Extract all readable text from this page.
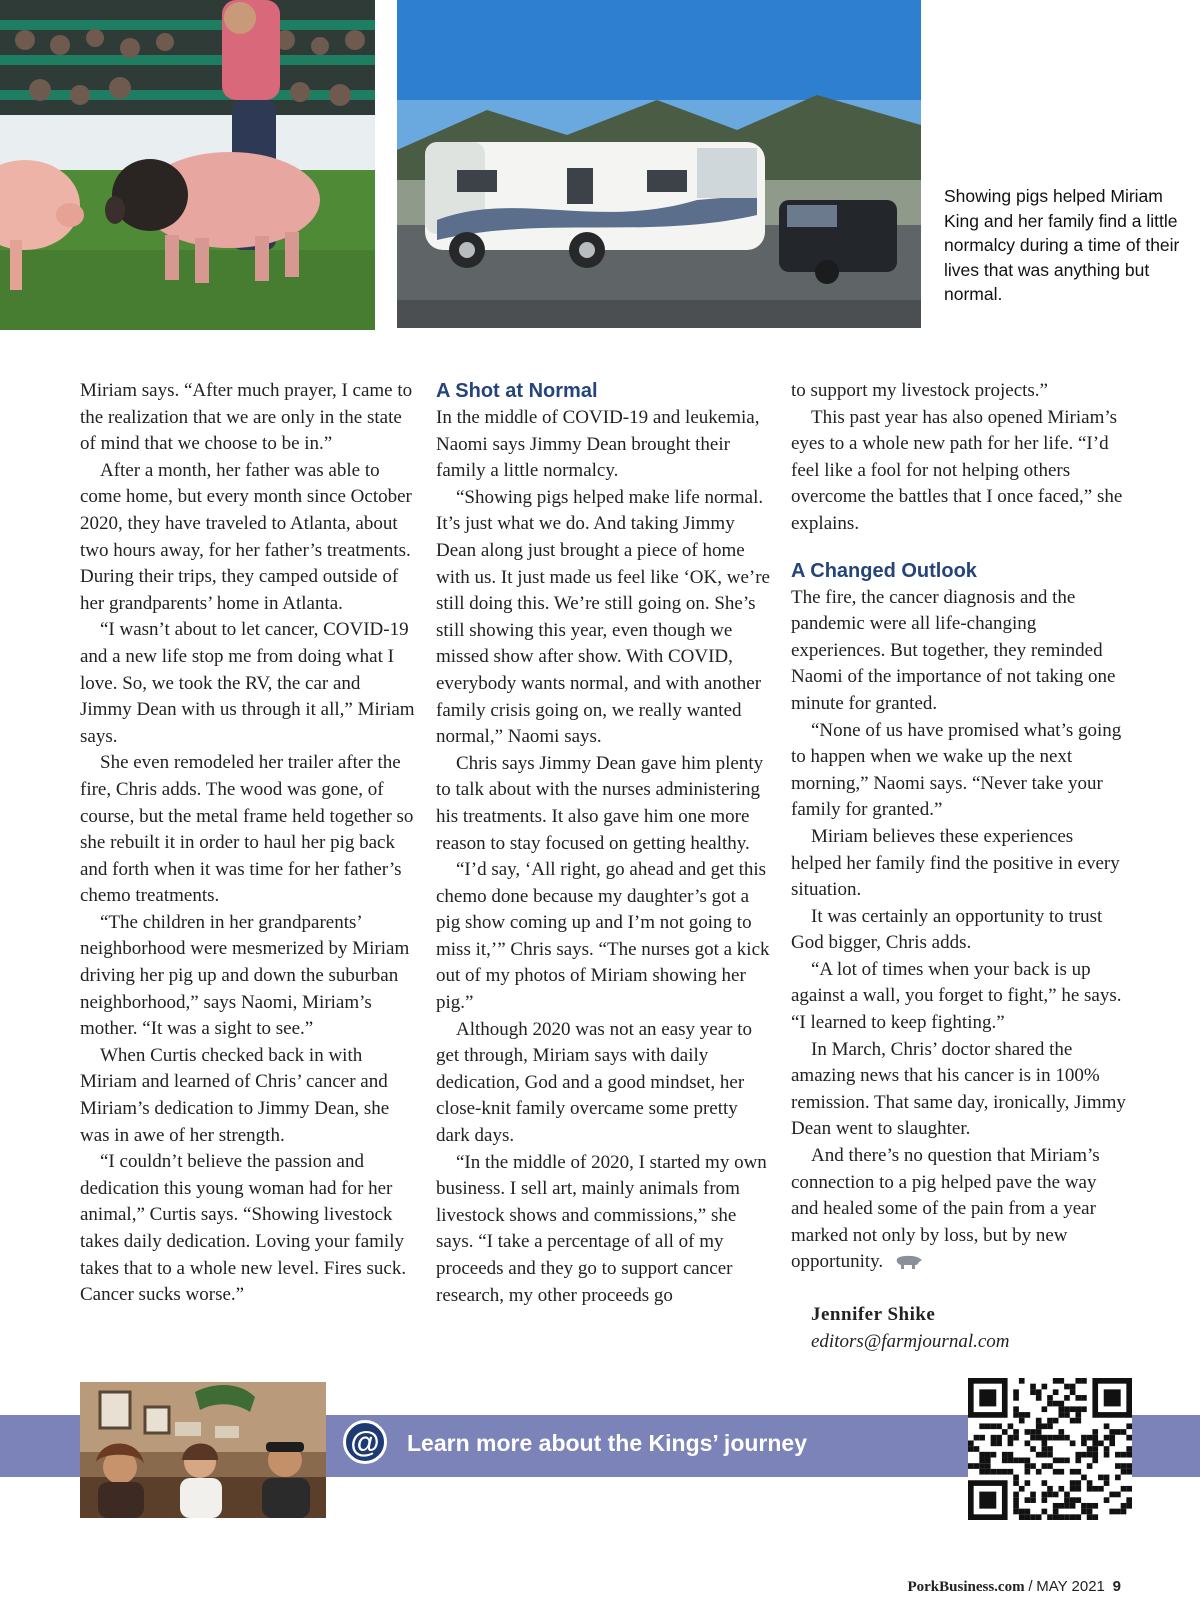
Showing pigs helped Miriam King and her family find a little normalcy during a time of their lives that was anything but normal.

Miriam says. “After much prayer, I came to the realization that we are only in the state of mind that we choose to be in.”

After a month, her father was able to come home, but every month since October 2020, they have traveled to Atlanta, about two hours away, for her father’s treatments. During their trips, they camped outside of her grandparents’ home in Atlanta.

“I wasn’t about to let cancer, COVID-19 and a new life stop me from doing what I love. So, we took the RV, the car and Jimmy Dean with us through it all,” Miriam says.

She even remodeled her trailer after the fire, Chris adds. The wood was gone, of course, but the metal frame held together so she rebuilt it in order to haul her pig back and forth when it was time for her father’s chemo treatments.

“The children in her grandparents’ neighborhood were mesmerized by Miriam driving her pig up and down the suburban neighborhood,” says Naomi, Miriam’s mother. “It was a sight to see.”

When Curtis checked back in with Miriam and learned of Chris’ cancer and Miriam’s dedication to Jimmy Dean, she was in awe of her strength.

“I couldn’t believe the passion and dedication this young woman had for her animal,” Curtis says. “Showing livestock takes daily dedication. Loving your family takes that to a whole new level. Fires suck. Cancer sucks worse.”

A Shot at Normal

In the middle of COVID-19 and leukemia, Naomi says Jimmy Dean brought their family a little normalcy.

“Showing pigs helped make life normal. It’s just what we do. And taking Jimmy Dean along just brought a piece of home with us. It just made us feel like ‘OK, we’re still doing this. We’re still going on. She’s still showing this year, even though we missed show after show. With COVID, everybody wants normal, and with another family crisis going on, we really wanted normal,” Naomi says.

Chris says Jimmy Dean gave him plenty to talk about with the nurses administering his treatments. It also gave him one more reason to stay focused on getting healthy.

“I’d say, ‘All right, go ahead and get this chemo done because my daughter’s got a pig show coming up and I’m not going to miss it,’” Chris says. “The nurses got a kick out of my photos of Miriam showing her pig.”

Although 2020 was not an easy year to get through, Miriam says with daily dedication, God and a good mindset, her close-knit family overcame some pretty dark days.

“In the middle of 2020, I started my own business. I sell art, mainly animals from livestock shows and commissions,” she says. “I take a percentage of all of my proceeds and they go to support cancer research, my other proceeds go

to support my livestock projects.”

This past year has also opened Miriam’s eyes to a whole new path for her life. “I’d feel like a fool for not helping others overcome the battles that I once faced,” she explains.

A Changed Outlook

The fire, the cancer diagnosis and the pandemic were all life-changing experiences. But together, they reminded Naomi of the importance of not taking one minute for granted.

“None of us have promised what’s going to happen when we wake up the next morning,” Naomi says. “Never take your family for granted.”

Miriam believes these experiences helped her family find the positive in every situation.

It was certainly an opportunity to trust God bigger, Chris adds.

“A lot of times when your back is up against a wall, you forget to fight,” he says. “I learned to keep fighting.”

In March, Chris’ doctor shared the amazing news that his cancer is in 100% remission. That same day, ironically, Jimmy Dean went to slaughter.

And there’s no question that Miriam’s connection to a pig helped pave the way and healed some of the pain from a year marked not only by loss, but by new opportunity.

Jennifer Shike

editors@farmjournal.com

@	Learn more about the Kings’ journey
PorkBusiness.com / MAY 2021 9
